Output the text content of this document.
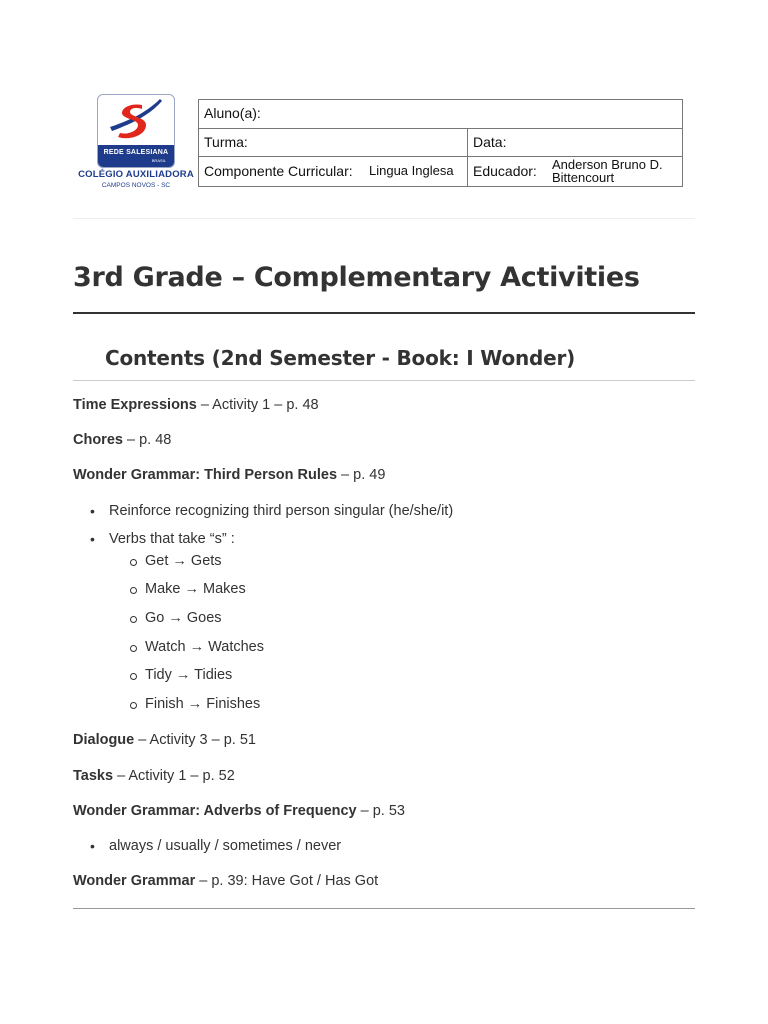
REDE SALESIANA
BRASIL
COLÉGIO AUXILIADORA
CAMPOS NOVOS - SC
Aluno(a):
Turma:	Data:
Componente Curricular: Lingua Inglesa Educador: Anderson Bruno D.
Bittencourt
3rd Grade – Complementary Activities
Contents (2nd Semester - Book: I Wonder)
Time Expressions – Activity 1 – p. 48
Chores – p. 48
Wonder Grammar: Third Person Rules – p. 49
• Reinforce recognizing third person singular (he/she/it)
• Verbs that take “s” :
Get → Gets
Make → Makes
Go → Goes
Watch → Watches
Tidy → Tidies
Finish → Finishes
Dialogue – Activity 3 – p. 51
Tasks – Activity 1 – p. 52
Wonder Grammar: Adverbs of Frequency – p. 53
• always / usually / sometimes / never
Wonder Grammar – p. 39: Have Got / Has Got
